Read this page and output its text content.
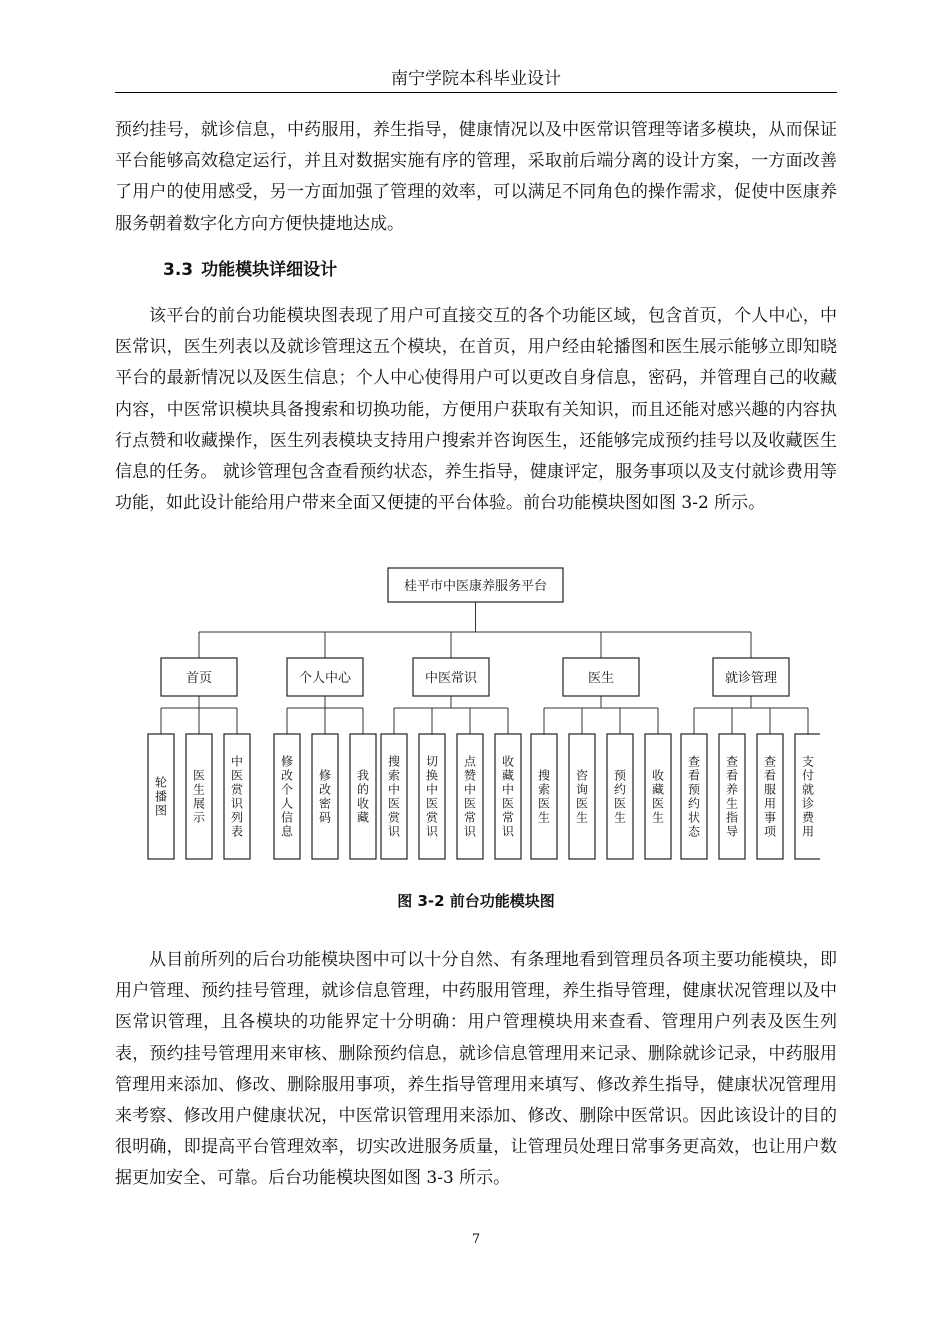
南宁学院本科毕业设计

预约挂号，就诊信息，中药服用，养生指导，健康情况以及中医常识管理等诸多模块，从而保证平台能够高效稳定运行，并且对数据实施有序的管理，采取前后端分离的设计方案，一方面改善了用户的使用感受，另一方面加强了管理的效率，可以满足不同角色的操作需求，促使中医康养服务朝着数字化方向方便快捷地达成。

3.3 功能模块详细设计

该平台的前台功能模块图表现了用户可直接交互的各个功能区域，包含首页，个人中心，中医常识，医生列表以及就诊管理这五个模块，在首页，用户经由轮播图和医生展示能够立即知晓平台的最新情况以及医生信息；个人中心使得用户可以更改自身信息，密码，并管理自己的收藏内容，中医常识模块具备搜索和切换功能，方便用户获取有关知识，而且还能对感兴趣的内容执行点赞和收藏操作，医生列表模块支持用户搜索并咨询医生，还能够完成预约挂号以及收藏医生信息的任务。 就诊管理包含查看预约状态，养生指导，健康评定，服务事项以及支付就诊费用等功能，如此设计能给用户带来全面又便捷的平台体验。前台功能模块图如图 3-2 所示。

桂平市中医康养服务平台
首页
轮播图
医生展示
中医赏识列表
个人中心
修改个人信息
修改密码
我的收藏
中医常识
搜索中医赏识
切换中医赏识
点赞中医常识
收藏中医常识
医生
搜索医生
咨询医生
预约医生
收藏医生
就诊管理
查看预约状态
查看养生指导
查看服用事项
支付就诊费用
图 3-2 前台功能模块图

从目前所列的后台功能模块图中可以十分自然、有条理地看到管理员各项主要功能模块，即用户管理、预约挂号管理，就诊信息管理，中药服用管理，养生指导管理，健康状况管理以及中医常识管理，且各模块的功能界定十分明确：用户管理模块用来查看、管理用户列表及医生列表，预约挂号管理用来审核、删除预约信息，就诊信息管理用来记录、删除就诊记录，中药服用管理用来添加、修改、删除服用事项，养生指导管理用来填写、修改养生指导，健康状况管理用来考察、修改用户健康状况，中医常识管理用来添加、修改、删除中医常识。因此该设计的目的很明确，即提高平台管理效率，切实改进服务质量，让管理员处理日常事务更高效，也让用户数据更加安全、可靠。后台功能模块图如图 3-3 所示。

7
